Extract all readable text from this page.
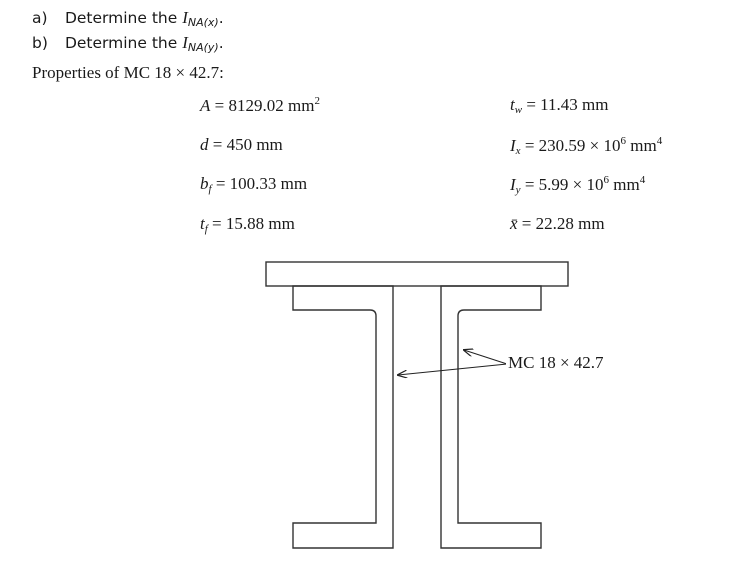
a) Determine the $I_{NA(x)}$.
b) Determine the $I_{NA(y)}$.
Properties of MC 18 × 42.7:
A = 8129.02 $mm^2$
d = 450 mm
$b_f = 100.33$ mm
$t_f = 15.88$ mm
$t_w = 11.43$ mm
$I_x = 230.59 \times 10^6$ $mm^4$
$I_y = 5.99 \times 10^6$ $mm^4$
x̄ = 22.28 mm
MC 18 × 42.7
